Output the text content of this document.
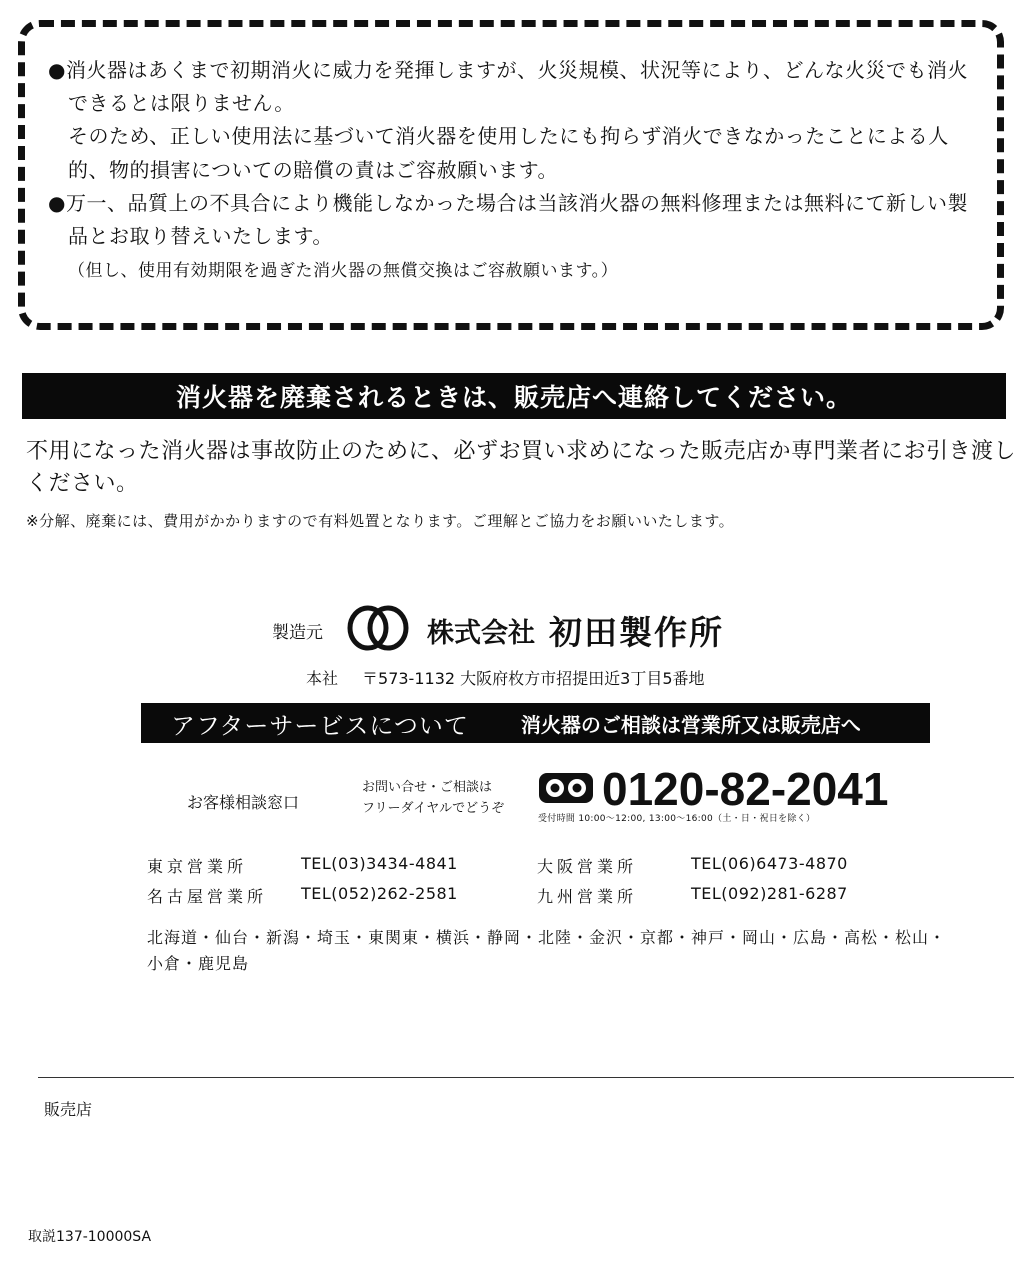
●消火器はあくまで初期消火に威力を発揮しますが、火災規模、状況等により、どんな火災でも消火できるとは限りません。

そのため、正しい使用法に基づいて消火器を使用したにも拘らず消火できなかったことによる人的、物的損害についての賠償の責はご容赦願います。

●万一、品質上の不具合により機能しなかった場合は当該消火器の無料修理または無料にて新しい製品とお取り替えいたします。

（但し、使用有効期限を過ぎた消火器の無償交換はご容赦願います。）

消火器を廃棄されるときは、販売店へ連絡してください。
不用になった消火器は事故防止のために、必ずお買い求めになった販売店か専門業者にお引き渡しください。
※分解、廃棄には、費用がかかりますので有料処置となります。ご理解とご協力をお願いいたします。
製造元	株式会社 初田製作所
本社 〒573-1132 大阪府枚方市招提田近3丁目5番地
アフターサービスについて	消火器のご相談は営業所又は販売店へ
お客様相談窓口
お問い合せ・ご相談は
フリーダイヤルでどうぞ 0120-82-2041
受付時間 10:00〜12:00, 13:00〜16:00（土・日・祝日を除く）
東京営業所	TEL(03)3434-4841	大阪営業所	TEL(06)6473-4870
名古屋営業所	TEL(052)262-2581	九州営業所	TEL(092)281-6287
北海道・仙台・新潟・埼玉・東関東・横浜・静岡・北陸・金沢・京都・神戸・岡山・広島・高松・松山・小倉・鹿児島
販売店
取説137-10000SA
